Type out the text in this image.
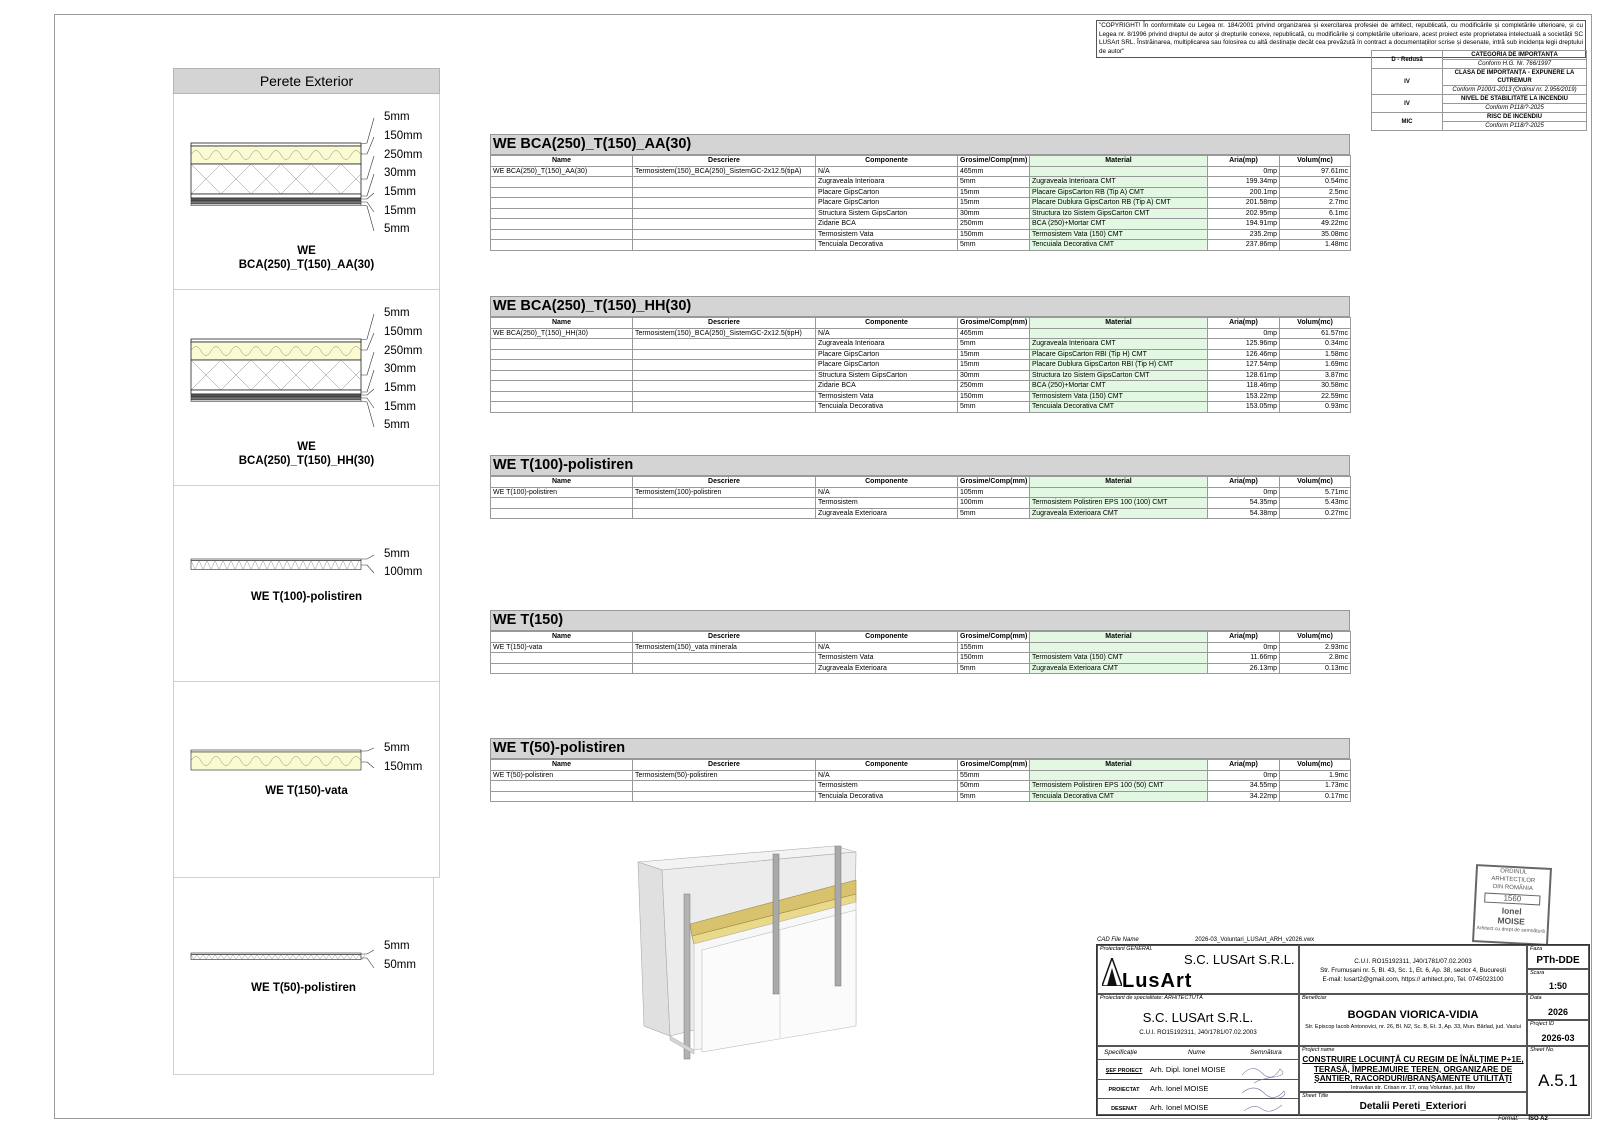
Perete Exterior
5mm
150mm
250mm
30mm
15mm
15mm
5mm
WE
BCA(250)_T(150)_AA(30)
5mm
150mm
250mm
30mm
15mm
15mm
5mm
WE
BCA(250)_T(150)_HH(30)
5mm
100mm
WE T(100)-polistiren
5mm
150mm
WE T(150)-vata
5mm
50mm
WE T(50)-polistiren
WE BCA(250)_T(150)_AA(30)
Name	Descriere	Componente	Grosime/Comp(mm)	Material	Aria(mp)	Volum(mc)
WE BCA(250)_T(150)_AA(30)	Termosistem(150)_BCA(250)_SistemGC-2x12.5(tipA)	N/A	465mm		0mp	97.61mc
		Zugraveala Interioara	5mm	Zugraveala Interioara CMT	199.34mp	0.54mc
		Placare GipsCarton	15mm	Placare GipsCarton RB (Tip A) CMT	200.1mp	2.5mc
		Placare GipsCarton	15mm	Placare Dublura GipsCarton RB (Tip A) CMT	201.58mp	2.7mc
		Structura Sistem GipsCarton	30mm	Structura Izo Sistem GipsCarton CMT	202.95mp	6.1mc
		Zidarie BCA	250mm	BCA (250)+Mortar CMT	194.91mp	49.22mc
		Termosistem Vata	150mm	Termosistem Vata (150) CMT	235.2mp	35.08mc
		Tencuiala Decorativa	5mm	Tencuiala Decorativa CMT	237.86mp	1.48mc
WE BCA(250)_T(150)_HH(30)
Name	Descriere	Componente	Grosime/Comp(mm)	Material	Aria(mp)	Volum(mc)
WE BCA(250)_T(150)_HH(30)	Termosistem(150)_BCA(250)_SistemGC-2x12.5(tipH)	N/A	465mm		0mp	61.57mc
		Zugraveala Interioara	5mm	Zugraveala Interioara CMT	125.96mp	0.34mc
		Placare GipsCarton	15mm	Placare GipsCarton RBI (Tip H) CMT	126.46mp	1.58mc
		Placare GipsCarton	15mm	Placare Dublura GipsCarton RBI (Tip H) CMT	127.54mp	1.69mc
		Structura Sistem GipsCarton	30mm	Structura Izo Sistem GipsCarton CMT	128.61mp	3.87mc
		Zidarie BCA	250mm	BCA (250)+Mortar CMT	118.46mp	30.58mc
		Termosistem Vata	150mm	Termosistem Vata (150) CMT	153.22mp	22.59mc
		Tencuiala Decorativa	5mm	Tencuiala Decorativa CMT	153.05mp	0.93mc
WE T(100)-polistiren
Name	Descriere	Componente	Grosime/Comp(mm)	Material	Aria(mp)	Volum(mc)
WE T(100)-polistiren	Termosistem(100)-polistiren	N/A	105mm		0mp	5.71mc
		Termosistem	100mm	Termosistem Polistiren EPS 100 (100) CMT	54.35mp	5.43mc
		Zugraveala Exterioara	5mm	Zugraveala Exterioara CMT	54.38mp	0.27mc
WE T(150)
Name	Descriere	Componente	Grosime/Comp(mm)	Material	Aria(mp)	Volum(mc)
WE T(150)-vata	Termosistem(150)_vata minerala	N/A	155mm		0mp	2.93mc
		Termosistem Vata	150mm	Termosistem Vata (150) CMT	11.66mp	2.8mc
		Zugraveala Exterioara	5mm	Zugraveala Exterioara CMT	26.13mp	0.13mc
WE T(50)-polistiren
Name	Descriere	Componente	Grosime/Comp(mm)	Material	Aria(mp)	Volum(mc)
WE T(50)-polistiren	Termosistem(50)-polistiren	N/A	55mm		0mp	1.9mc
		Termosistem	50mm	Termosistem Polistiren EPS 100 (50) CMT	34.55mp	1.73mc
		Tencuiala Decorativa	5mm	Tencuiala Decorativa CMT	34.22mp	0.17mc
"COPYRIGHT! În conformitate cu Legea nr. 184/2001 privind organizarea și exercitarea profesiei de arhitect, republicată, cu modificările și completările ulterioare, și cu Legea nr. 8/1996 privind dreptul de autor și drepturile conexe, republicată, cu modificările și completările ulterioare, acest proiect este proprietatea intelectuală a societății SC LUSArt SRL. Înstrăinarea, multiplicarea sau folosirea cu altă destinație decât cea prevăzută în contract a documentațiilor scrise și desenate, intră sub incidența legii dreptului de autor"
D - Redusă	CATEGORIA DE IMPORTANȚĂ
	Conform H.G. Nr. 766/1997
IV	CLASA DE IMPORTANȚĂ - EXPUNERE LA CUTREMUR
	Conform P100/1-2013 (Ordinul nr. 2.956/2019)
IV	NIVEL DE STABILITATE LA INCENDIU
	Conform P118/?-2025
MIC	RISC DE INCENDIU
	Conform P118/?-2025
ORDINUL ARHITECȚILOR
DIN ROMÂNIA
1560
Ionel
MOISE
Arhitect cu drept de semnătură
CAD File Name	2026-03_Voluntari_LUSArt_ARH_v2026.vwx
Proiectant GENERAL
S.C. LUSArt S.R.L.
LusArt
C.U.I. RO15192311, J40/1781/07.02.2003
Str. Frumușani nr. 5, Bl. 43, Sc. 1, Et. 6, Ap. 38, sector 4, București
E-mail: lusart2@gmail.com, https:// arhitect.pro, Tel. 0745023100
Faza
PTh-DDE
Scara
1:50
Proiectant de specialitate: ARHITECTUTĂ
S.C. LUSArt S.R.L.
C.U.I. RO15192311, J40/1781/07.02.2003
Beneficiar
BOGDAN VIORICA-VIDIA
Str. Episcop Iacob Antonovici, nr. 26, Bl. N2, Sc. B, Et. 3, Ap. 33, Mun. Bârlad, jud. Vaslui
Data
2026
Project ID
2026-03
Specificație	Nume	Semnătura
ȘEF PROIECT Arh. Dipl. Ionel MOISE
PROIECTAT Arh. Ionel MOISE
DESENAT Arh. Ionel MOISE
Project name
CONSTRUIRE LOCUINȚĂ CU REGIM DE ÎNĂLȚIME P+1E, TERASĂ, ÎMPREJMUIRE TEREN, ORGANIZARE DE ȘANTIER, RACORDURI/BRANȘAMENTE UTILITĂȚI
Intravilan str. Crisan nr. 17, oraș Voluntari, jud. Ilfov
Sheet Title
Detalii Pereti_Exteriori
Sheet No.
A.5.1
Format: ISO A2
